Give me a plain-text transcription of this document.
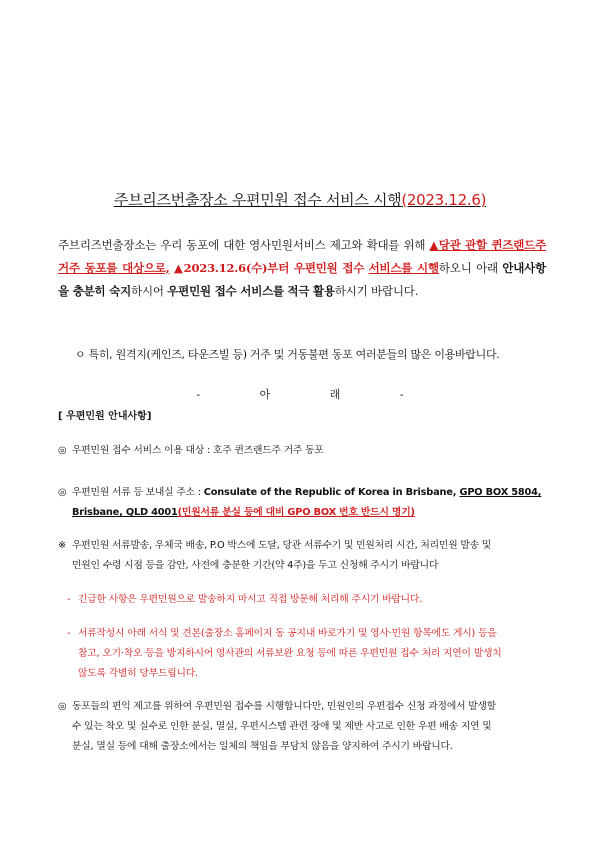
주브리즈번출장소 우편민원 접수 서비스 시행(2023.12.6)
주브리즈번출장소는 우리 동포에 대한 영사민원서비스 제고와 확대를 위해 ▲당관 관할 퀸즈랜드주 거주 동포를 대상으로, ▲2023.12.6(수)부터 우편민원 접수 서비스를 시행하오니 아래 안내사항을 충분히 숙지하시어 우편민원 접수 서비스를 적극 활용하시기 바랍니다.
ㅇ 특히, 원격지(케인즈, 타운즈빌 등) 거주 및 거동불편 동포 여러분들의 많은 이용바랍니다.
- 아 래 -
[ 우편민원 안내사항]
◎ 우편민원 접수 서비스 이용 대상 : 호주 퀸즈랜드주 거주 동포
◎ 우편민원 서류 등 보내실 주소 : Consulate of the Republic of Korea in Brisbane, GPO BOX 5804,
Brisbane, QLD 4001(민원서류 분실 등에 대비 GPO BOX 번호 반드시 명기)
※ 우편민원 서류발송, 우체국 배송, P.O 박스에 도달, 당관 서류수기 및 민원처리 시간, 처리민원 발송 및
민원인 수령 시점 등을 감안, 사전에 충분한 기간(약 4주)을 두고 신청해 주시기 바랍니다
- 긴급한 사항은 우편민원으로 발송하지 마시고 직접 방문해 처리해 주시기 바랍니다.
- 서류작성시 아래 서식 및 견본(출장소 홈페이지 동 공지내 바로가기 및 영사·민원 항목에도 게시) 등을
참고, 오기·착오 등을 방지하시어 영사관의 서류보완 요청 등에 따른 우편민원 접수 처리 지연이 발생치
않도록 각별히 당부드립니다.
◎ 동포들의 편익 제고를 위하여 우편민원 접수를 시행합니다만, 민원인의 우편접수 신청 과정에서 발생할
수 있는 착오 및 실수로 인한 분실, 멸실, 우편시스템 관련 장애 및 제반 사고로 인한 우편 배송 지연 및
분실, 멸실 등에 대해 출장소에서는 일체의 책임을 부담치 않음을 양지하여 주시기 바랍니다.
